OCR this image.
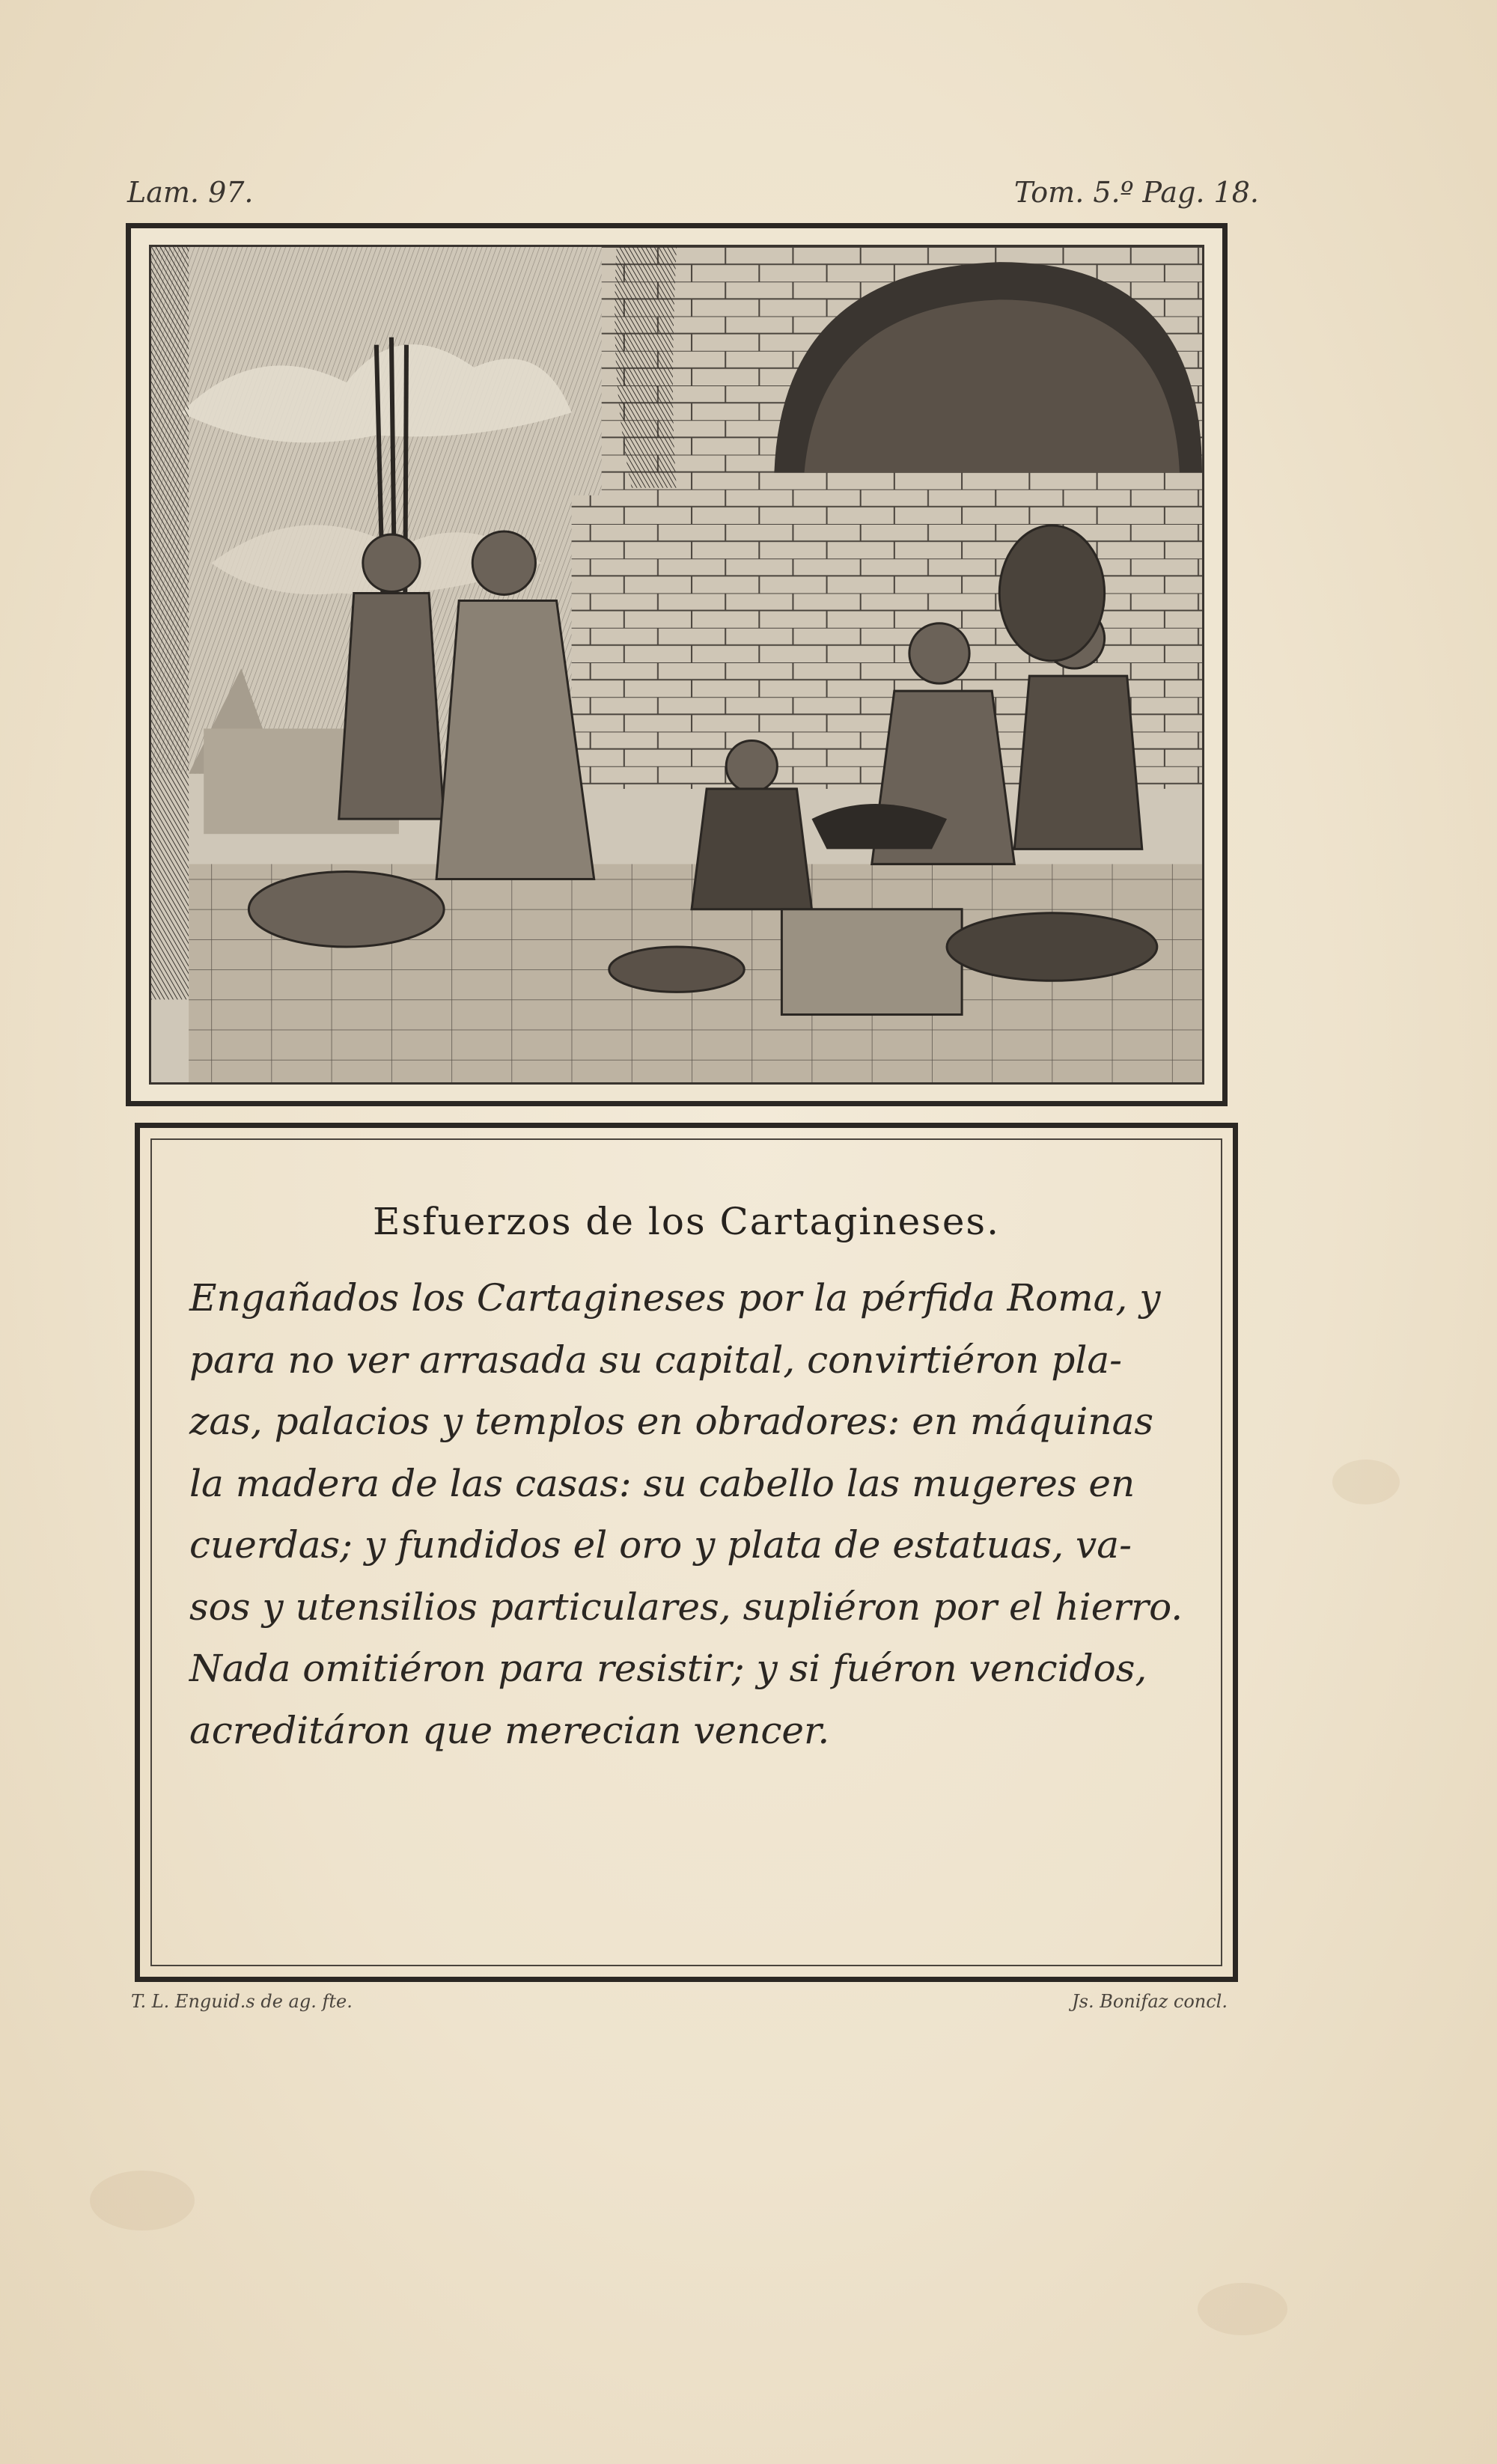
Lam. 97.	Tom. 5.º Pag. 18.
Esfuerzos de los Cartagineses.
Engañados los Cartagineses por la pérfida Roma, y
para no ver arrasada su capital, convirtiéron pla-
zas, palacios y templos en obradores: en máquinas
la madera de las casas: su cabello las mugeres en
cuerdas; y fundidos el oro y plata de estatuas, va-
sos y utensilios particulares, supliéron por el hierro.
Nada omitiéron para resistir; y si fuéron vencidos,
acreditáron que merecian vencer.
T. L. Enguid.s de ag. fte.	Js. Bonifaz concl.
